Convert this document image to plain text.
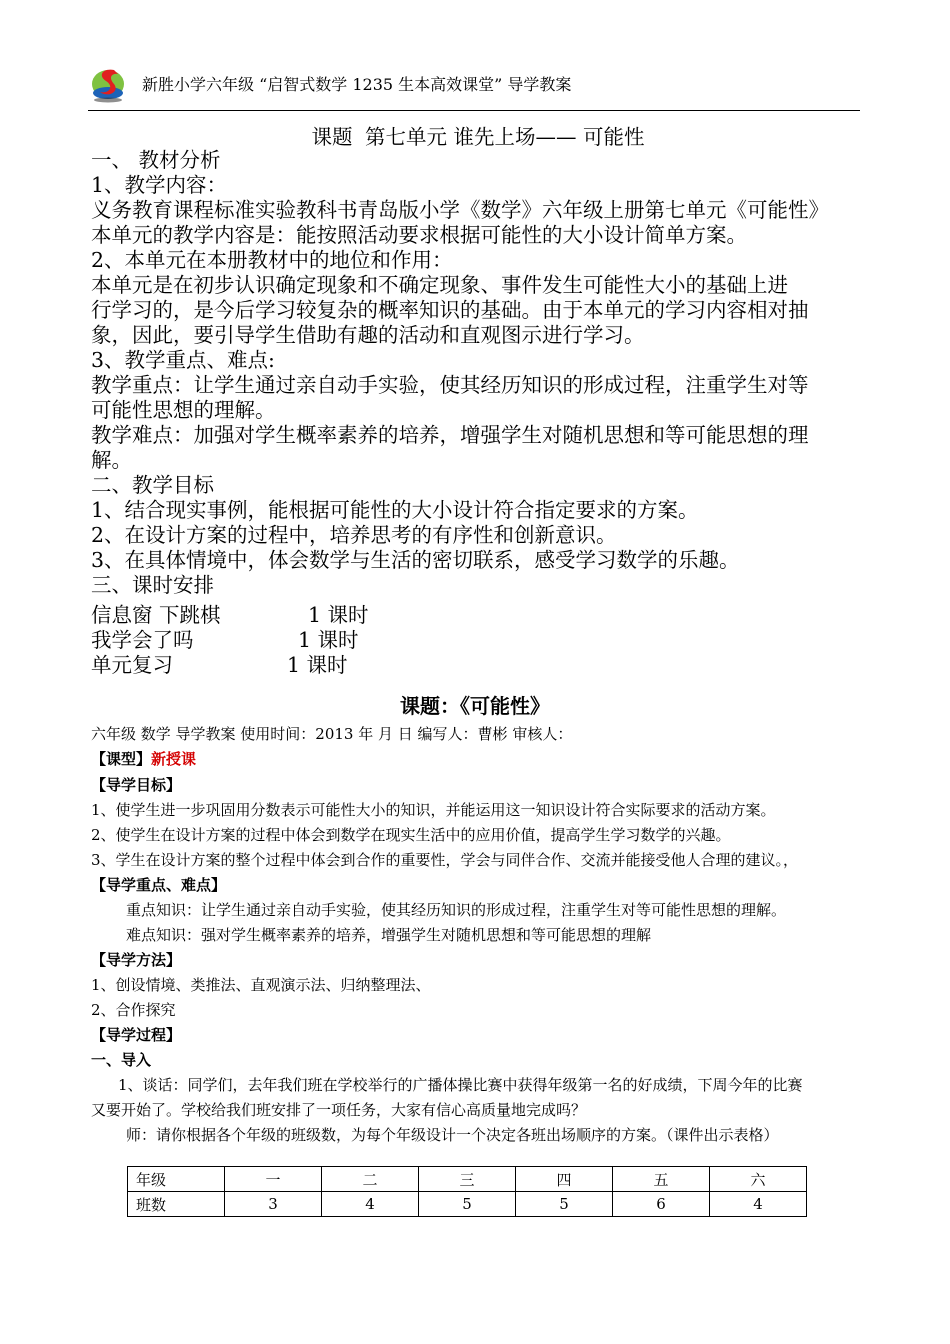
新胜小学六年级 “启智式数学 1235 生本高效课堂” 导学教案
课题 第七单元 谁先上场—— 可能性
一、 教材分析
1、教学内容：
义务教育课程标准实验教科书青岛版小学《数学》六年级上册第七单元《可能性》
本单元的教学内容是：能按照活动要求根据可能性的大小设计简单方案。
2、本单元在本册教材中的地位和作用：
本单元是在初步认识确定现象和不确定现象、事件发生可能性大小的基础上进
行学习的，是今后学习较复杂的概率知识的基础。由于本单元的学习内容相对抽
象，因此，要引导学生借助有趣的活动和直观图示进行学习。
3、教学重点、难点:
教学重点：让学生通过亲自动手实验，使其经历知识的形成过程，注重学生对等
可能性思想的理解。
教学难点：加强对学生概率素养的培养，增强学生对随机思想和等可能思想的理
解。
二、教学目标
1、结合现实事例，能根据可能性的大小设计符合指定要求的方案。
2、在设计方案的过程中，培养思考的有序性和创新意识。
3、在具体情境中，体会数学与生活的密切联系，感受学习数学的乐趣。
三、课时安排
信息窗 下跳棋	1 课时
我学会了吗	1 课时
单元复习	1 课时
课题：《可能性》
六年级 数学 导学教案 使用时间：2013 年 月 日 编写人：曹彬 审核人：
【课型】新授课
【导学目标】
1、使学生进一步巩固用分数表示可能性大小的知识，并能运用这一知识设计符合实际要求的活动方案。
2、使学生在设计方案的过程中体会到数学在现实生活中的应用价值，提高学生学习数学的兴趣。
3、学生在设计方案的整个过程中体会到合作的重要性，学会与同伴合作、交流并能接受他人合理的建议。，
【导学重点、难点】
重点知识：让学生通过亲自动手实验，使其经历知识的形成过程，注重学生对等可能性思想的理解。
难点知识：强对学生概率素养的培养，增强学生对随机思想和等可能思想的理解
【导学方法】
1、创设情境、类推法、直观演示法、归纳整理法、
2、合作探究
【导学过程】
一、导入
1、谈话：同学们，去年我们班在学校举行的广播体操比赛中获得年级第一名的好成绩，下周今年的比赛
又要开始了。学校给我们班安排了一项任务，大家有信心高质量地完成吗？
师：请你根据各个年级的班级数，为每个年级设计一个决定各班出场顺序的方案。（课件出示表格）
年级	一	二	三	四	五	六
班数	3	4	5	5	6	4
